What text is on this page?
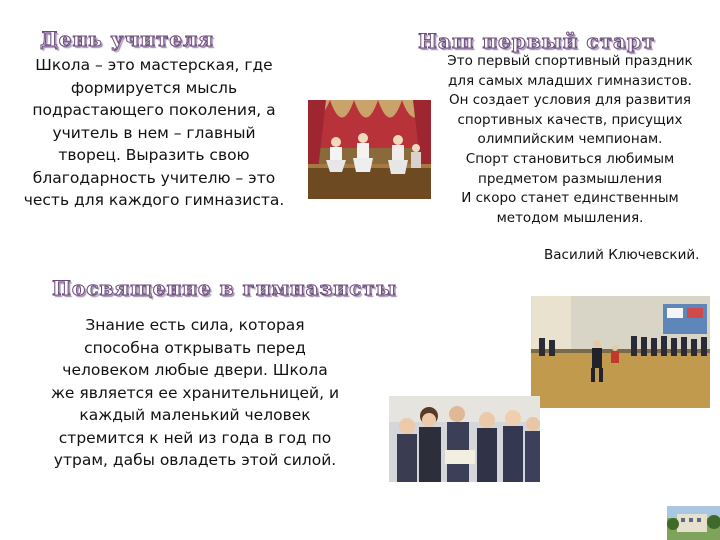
День учителя
Школа – это мастерская, где
формируется мысль
подрастающего поколения, а
учитель в нем – главный
творец. Выразить свою
благодарность учителю – это
честь для каждого гимназиста.
Наш первый старт
Это первый спортивный праздник
для самых младших гимназистов.
Он создает условия для развития
спортивных качеств, присущих
олимпийским чемпионам.
Спорт становиться любимым
предметом размышления
И скоро станет единственным
методом мышления.
Василий Ключевский.
Посвящение в гимназисты
Знание есть сила, которая
способна открывать перед
человеком любые двери. Школа
же является ее хранительницей, и
каждый маленький человек
стремится к ней из года в год по
утрам, дабы овладеть этой силой.
